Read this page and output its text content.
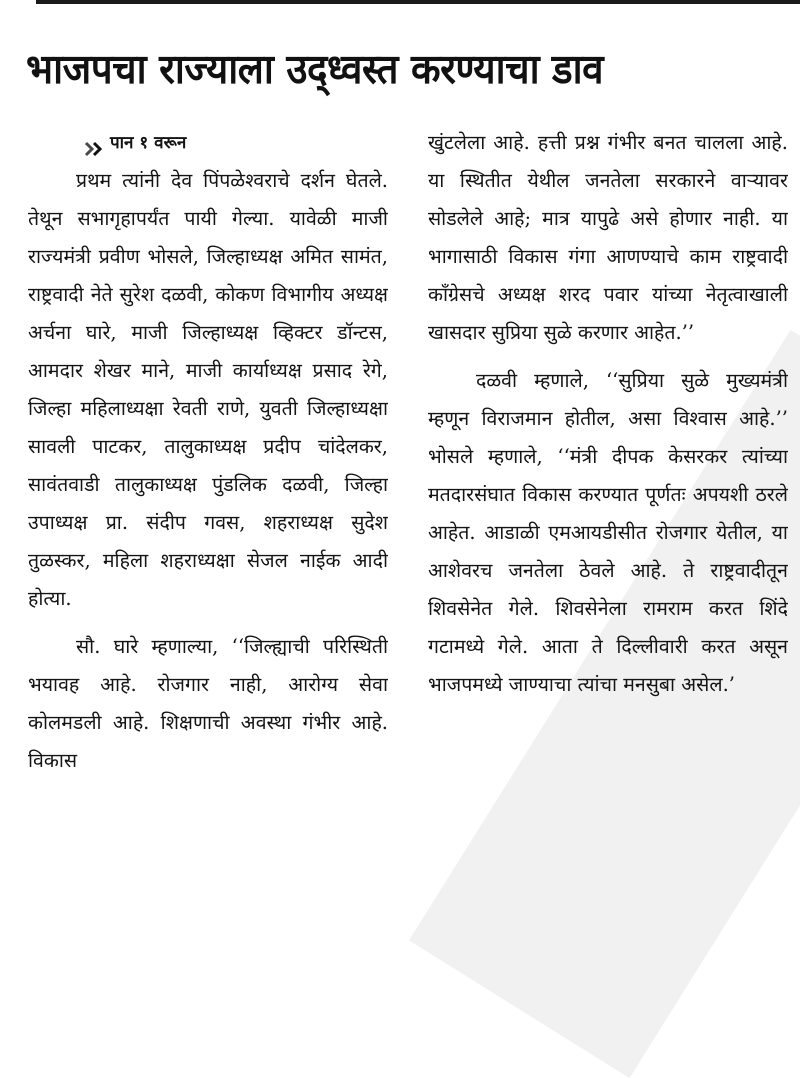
भाजपचा राज्याला उद्‌ध्वस्त करण्याचा डाव
पान १ वरून

प्रथम त्यांनी देव पिंपळेश्वराचे दर्शन घेतले. तेथून सभागृहापर्यंत पायी गेल्या. यावेळी माजी राज्यमंत्री प्रवीण भोसले, जिल्हाध्यक्ष अमित सामंत, राष्ट्रवादी नेते सुरेश दळवी, कोकण विभागीय अध्यक्ष अर्चना घारे, माजी जिल्हाध्यक्ष व्हिक्टर डॉन्टस, आमदार शेखर माने, माजी कार्याध्यक्ष प्रसाद रेगे, जिल्हा महिलाध्यक्षा रेवती राणे, युवती जिल्हाध्यक्षा सावली पाटकर, तालुकाध्यक्ष प्रदीप चांदेलकर, सावंतवाडी तालुकाध्यक्ष पुंडलिक दळवी, जिल्हा उपाध्यक्ष प्रा. संदीप गवस, शहराध्यक्ष सुदेश तुळस्कर, महिला शहराध्यक्षा सेजल नाईक आदी होत्या.

सौ. घारे म्हणाल्या, ‘‘जिल्ह्याची परिस्थिती भयावह आहे. रोजगार नाही, आरोग्य सेवा कोलमडली आहे. शिक्षणाची अवस्था गंभीर आहे. विकास

खुंटलेला आहे. हत्ती प्रश्न गंभीर बनत चालला आहे. या स्थितीत येथील जनतेला सरकारने वाऱ्यावर सोडलेले आहे; मात्र यापुढे असे होणार नाही. या भागासाठी विकास गंगा आणण्याचे काम राष्ट्रवादी काँग्रेसचे अध्यक्ष शरद पवार यांच्या नेतृत्वाखाली खासदार सुप्रिया सुळे करणार आहेत.’’

दळवी म्हणाले, ‘‘सुप्रिया सुळे मुख्यमंत्री म्हणून विराजमान होतील, असा विश्‍वास आहे.’’ भोसले म्हणाले, ‘‘मंत्री दीपक केसरकर त्यांच्या मतदारसंघात विकास करण्यात पूर्णतः अपयशी ठरले आहेत. आडाळी एमआयडीसीत रोजगार येतील, या आशेवरच जनतेला ठेवले आहे. ते राष्ट्रवादीतून शिवसेनेत गेले. शिवसेनेला रामराम करत शिंदे गटामध्ये गेले. आता ते दिल्लीवारी करत असून भाजपमध्ये जाण्याचा त्यांचा मनसुबा असेल.’
